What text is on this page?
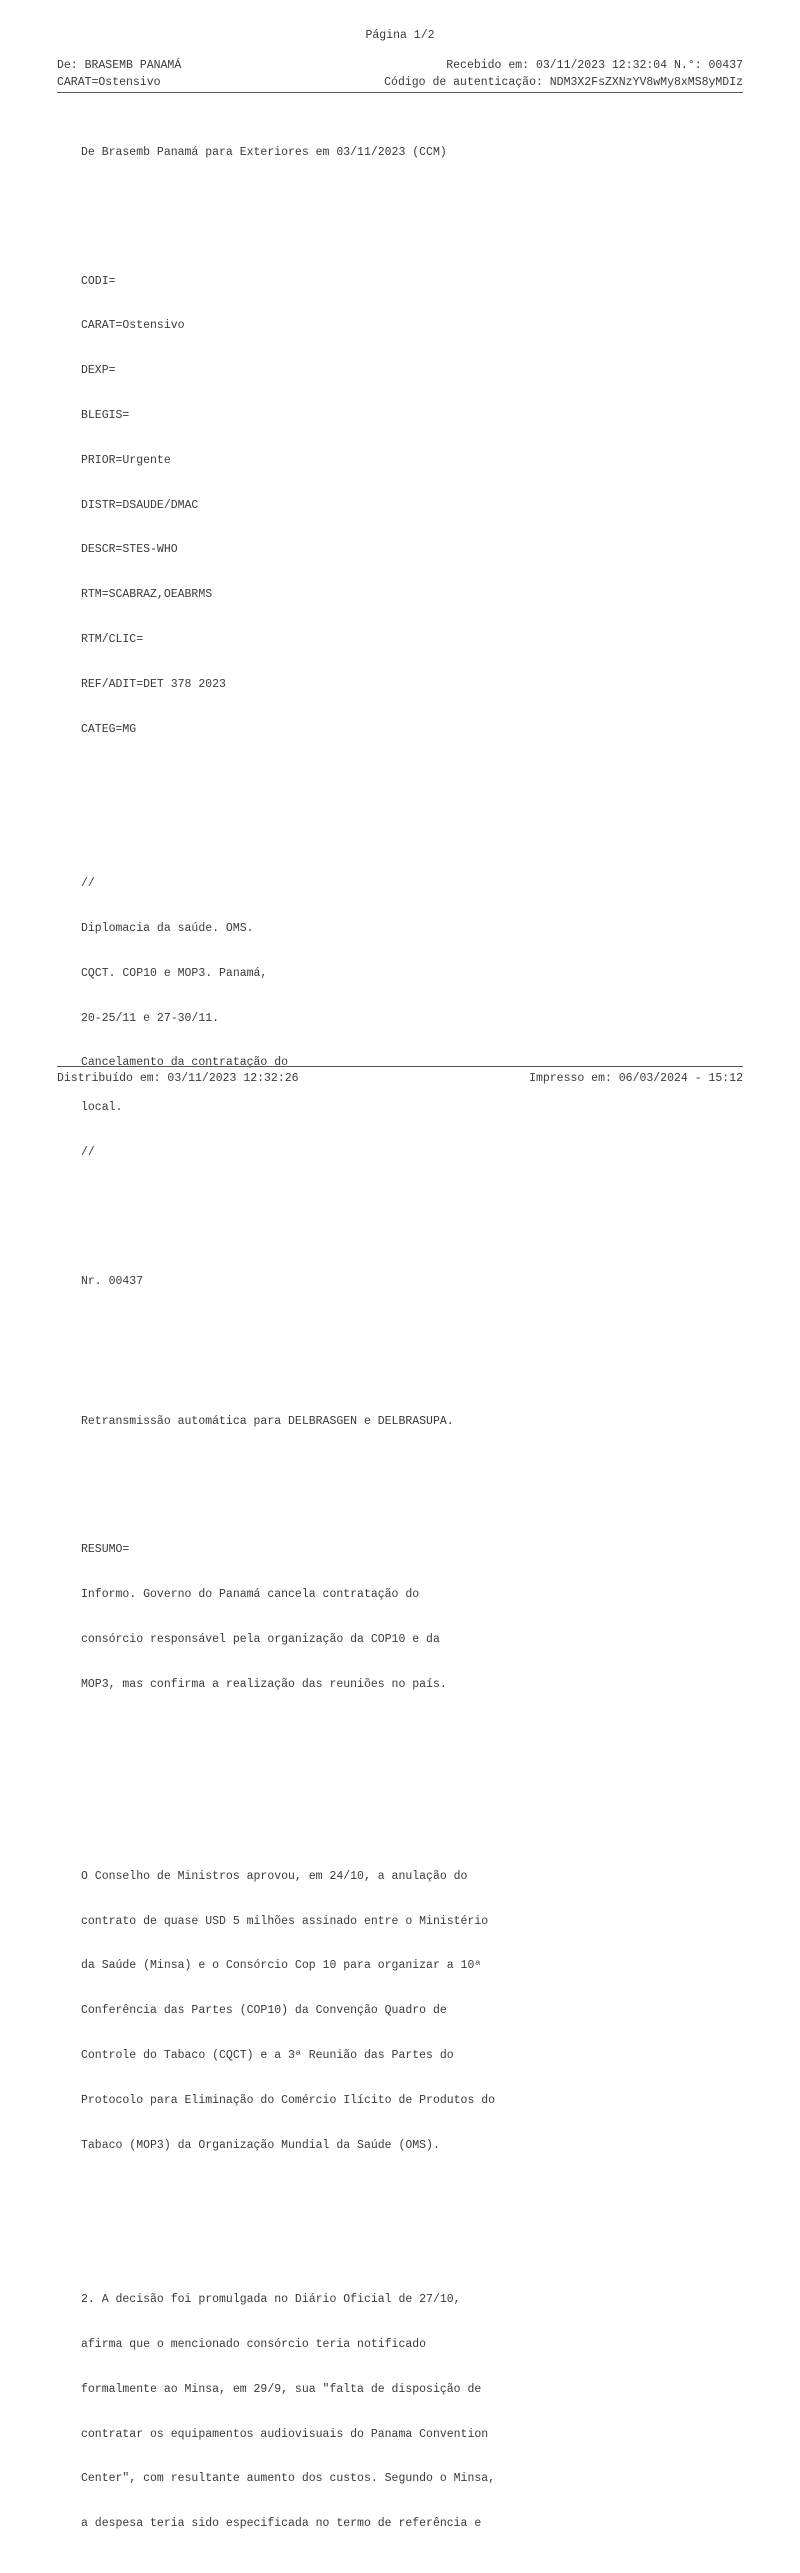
Página 1/2
De: BRASEMB PANAMÁ	Recebido em: 03/11/2023 12:32:04 N.°: 00437
CARAT=Ostensivo	Código de autenticação: NDM3X2FsZXNzYV8wMy8xMS8yMDIz

De Brasemb Panamá para Exteriores em 03/11/2023 (CCM)

CODI=

CARAT=Ostensivo

DEXP=

BLEGIS=

PRIOR=Urgente

DISTR=DSAUDE/DMAC

DESCR=STES-WHO

RTM=SCABRAZ,OEABRMS

RTM/CLIC=

REF/ADIT=DET 378 2023

CATEG=MG

//

Diplomacia da saúde. OMS.

CQCT. COP10 e MOP3. Panamá,

20-25/11 e 27-30/11.

Cancelamento da contratação do

local.

//

Nr. 00437

Retransmissão automática para DELBRASGEN e DELBRASUPA.

RESUMO=

Informo. Governo do Panamá cancela contratação do

consórcio responsável pela organização da COP10 e da

MOP3, mas confirma a realização das reuniões no país.

O Conselho de Ministros aprovou, em 24/10, a anulação do

contrato de quase USD 5 milhões assinado entre o Ministério

da Saúde (Minsa) e o Consórcio Cop 10 para organizar a 10ª

Conferência das Partes (COP10) da Convenção Quadro de

Controle do Tabaco (CQCT) e a 3ª Reunião das Partes do

Protocolo para Eliminação do Comércio Ilícito de Produtos do

Tabaco (MOP3) da Organização Mundial da Saúde (OMS).

2. A decisão foi promulgada no Diário Oficial de 27/10,

afirma que o mencionado consórcio teria notificado

formalmente ao Minsa, em 29/9, sua "falta de disposição de

contratar os equipamentos audiovisuais do Panama Convention

Center", com resultante aumento dos custos. Segundo o Minsa,

a despesa teria sido especificada no termo de referência e

Distribuído em: 03/11/2023 12:32:26	Impresso em: 06/03/2024 - 15:12
